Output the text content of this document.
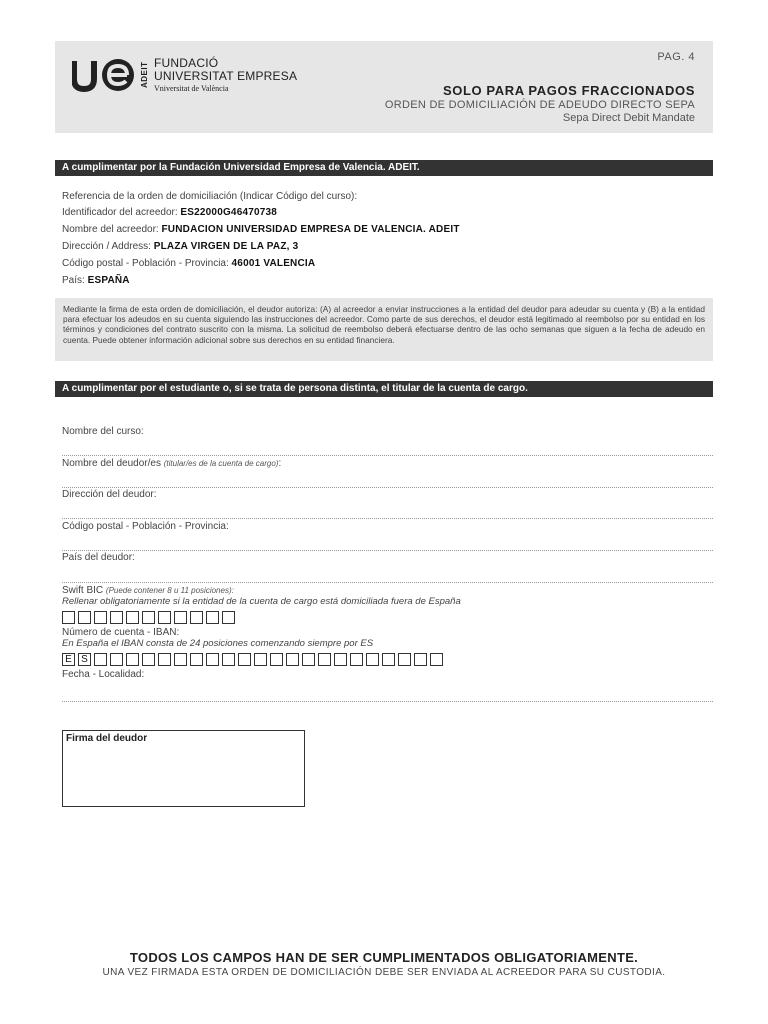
ADEIT FUNDACIÓ
UNIVERSITAT EMPRESA
Vniversitat de València
PAG. 4
SOLO PARA PAGOS FRACCIONADOS
ORDEN DE DOMICILIACIÓN DE ADEUDO DIRECTO SEPA
Sepa Direct Debit Mandate
A cumplimentar por la Fundación Universidad Empresa de Valencia. ADEIT.
Referencia de la orden de domiciliación (Indicar Código del curso):
Identificador del acreedor: ES22000G46470738
Nombre del acreedor: FUNDACION UNIVERSIDAD EMPRESA DE VALENCIA. ADEIT
Dirección / Address: PLAZA VIRGEN DE LA PAZ, 3
Código postal - Población - Provincia: 46001 VALENCIA
País: ESPAÑA
Mediante la firma de esta orden de domiciliación, el deudor autoriza: (A) al acreedor a enviar instrucciones a la entidad del deudor para adeudar su cuenta y (B) a la entidad para efectuar los adeudos en su cuenta siguiendo las instrucciones del acreedor. Como parte de sus derechos, el deudor está legitimado al reembolso por su entidad en los términos y condiciones del contrato suscrito con la misma. La solicitud de reembolso deberá efectuarse dentro de las ocho semanas que siguen a la fecha de adeudo en cuenta. Puede obtener información adicional sobre sus derechos en su entidad financiera.
A cumplimentar por el estudiante o, si se trata de persona distinta, el titular de la cuenta de cargo.
Nombre del curso:
Nombre del deudor/es (titular/es de la cuenta de cargo):
Dirección del deudor:
Código postal - Población - Provincia:
País del deudor:
Swift BIC (Puede contener 8 u 11 posiciones):
Rellenar obligatoriamente si la entidad de la cuenta de cargo está domiciliada fuera de España
Número de cuenta - IBAN:
En España el IBAN consta de 24 posiciones comenzando siempre por ES
E S
Fecha - Localidad:
Firma del deudor
TODOS LOS CAMPOS HAN DE SER CUMPLIMENTADOS OBLIGATORIAMENTE.
UNA VEZ FIRMADA ESTA ORDEN DE DOMICILIACIÓN DEBE SER ENVIADA AL ACREEDOR PARA SU CUSTODIA.
